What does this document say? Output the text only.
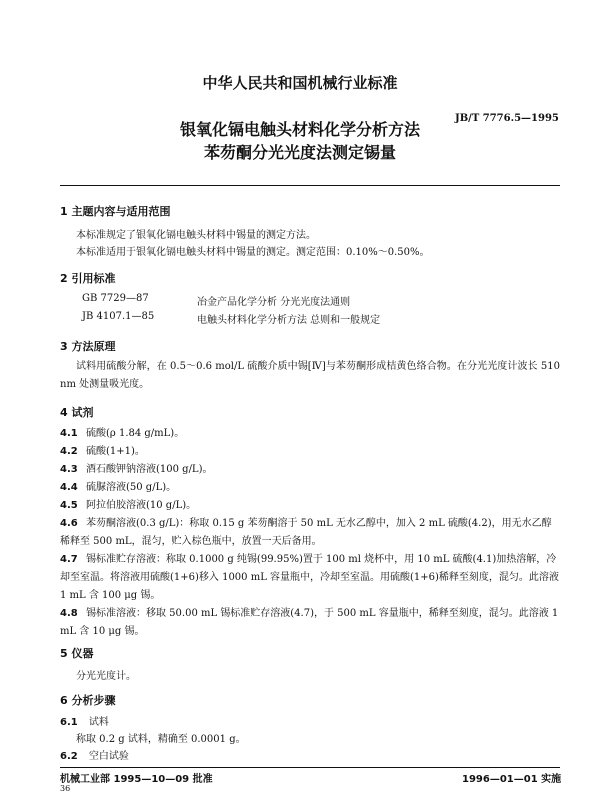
中华人民共和国机械行业标准
JB/T 7776.5—1995
银氧化镉电触头材料化学分析方法
苯芴酮分光光度法测定锡量
1 主题内容与适用范围
本标准规定了银氧化镉电触头材料中锡量的测定方法。
本标准适用于银氧化镉电触头材料中锡量的测定。测定范围：0.10%～0.50%。
2 引用标准
GB 7729—87	冶金产品化学分析 分光光度法通则
JB 4107.1—85	电触头材料化学分析方法 总则和一般规定
3 方法原理
试料用硫酸分解，在 0.5～0.6 mol/L 硫酸介质中锡[Ⅳ]与苯芴酮形成桔黄色络合物。在分光光度计波长 510 nm 处测量吸光度。
4 试剂
4.1 硫酸(ρ 1.84 g/mL)。
4.2 硫酸(1+1)。
4.3 酒石酸钾钠溶液(100 g/L)。
4.4 硫脲溶液(50 g/L)。
4.5 阿拉伯胶溶液(10 g/L)。
4.6 苯芴酮溶液(0.3 g/L)：称取 0.15 g 苯芴酮溶于 50 mL 无水乙醇中，加入 2 mL 硫酸(4.2)，用无水乙醇稀释至 500 mL，混匀，贮入棕色瓶中，放置一天后备用。
4.7 锡标准贮存溶液：称取 0.1000 g 纯锡(99.95%)置于 100 ml 烧杯中，用 10 mL 硫酸(4.1)加热溶解，冷却至室温。将溶液用硫酸(1+6)移入 1000 mL 容量瓶中，冷却至室温。用硫酸(1+6)稀释至刻度，混匀。此溶液 1 mL 含 100 μg 锡。
4.8 锡标准溶液：移取 50.00 mL 锡标准贮存溶液(4.7)，于 500 mL 容量瓶中，稀释至刻度，混匀。此溶液 1 mL 含 10 μg 锡。
5 仪器
分光光度计。
6 分析步骤
6.1 试料
称取 0.2 g 试料，精确至 0.0001 g。
6.2 空白试验
机械工业部 1995—10—09 批准	1996—01—01 实施
36
